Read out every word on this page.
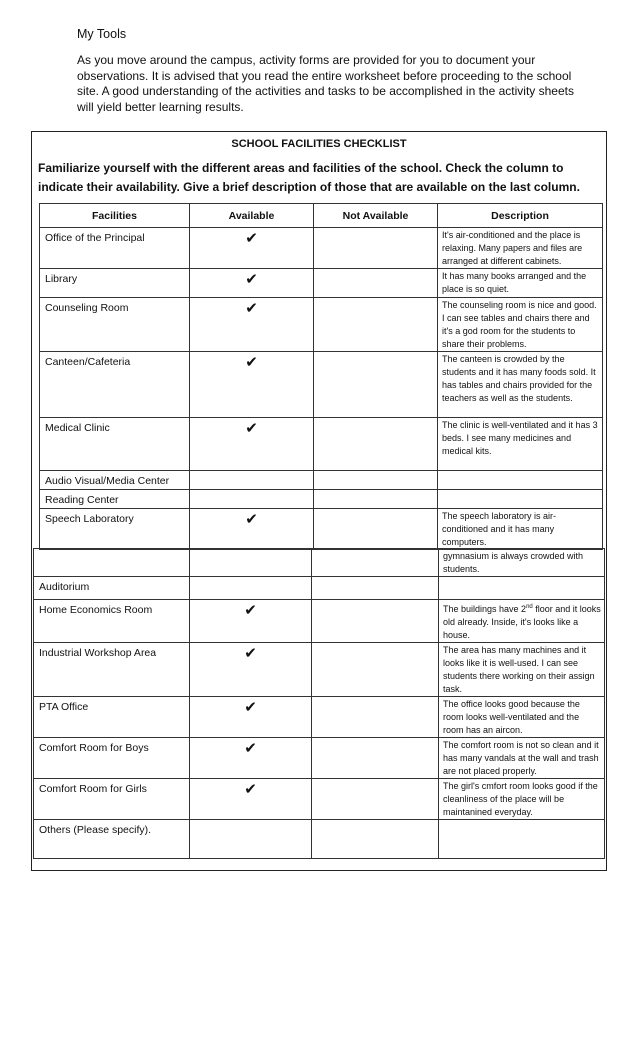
My Tools
As you move around the campus, activity forms are provided for you to document your observations. It is advised that you read the entire worksheet before proceeding to the school site. A good understanding of the activities and tasks to be accomplished in the activity sheets will yield better learning results.
SCHOOL FACILITIES CHECKLIST
Familiarize yourself with the different areas and facilities of the school. Check the column to indicate their availability. Give a brief description of those that are available on the last column.
Facilities	Available	Not Available	Description
Office of the Principal	✔		It's air-conditioned and the place is relaxing. Many papers and files are arranged at different cabinets.
Library	✔		It has many books arranged and the place is so quiet.
Counseling Room	✔		The counseling room is nice and good. I can see tables and chairs there and it's a god room for the students to share their problems.
Canteen/Cafeteria	✔		The canteen is crowded by the students and it has many foods sold. It has tables and chairs provided for the teachers as well as the students.
Medical Clinic	✔		The clinic is well-ventilated and it has 3 beds. I see many medicines and medical kits.
Audio Visual/Media Center			
Reading Center			
Speech Laboratory	✔		The speech laboratory is air-conditioned and it has many computers.
			gymnasium is always crowded with students.
Auditorium			
Home Economics Room	✔		The buildings have 2nd floor and it looks old already. Inside, it's looks like a house.
Industrial Workshop Area	✔		The area has many machines and it looks like it is well-used. I can see students there working on their assign task.
PTA Office	✔		The office looks good because the room looks well-ventilated and the room has an aircon.
Comfort Room for Boys	✔		The comfort room is not so clean and it has many vandals at the wall and trash are not placed properly.
Comfort Room for Girls	✔		The girl's cmfort room looks good if the cleanliness of the place will be maintanined everyday.
Others (Please specify).			
